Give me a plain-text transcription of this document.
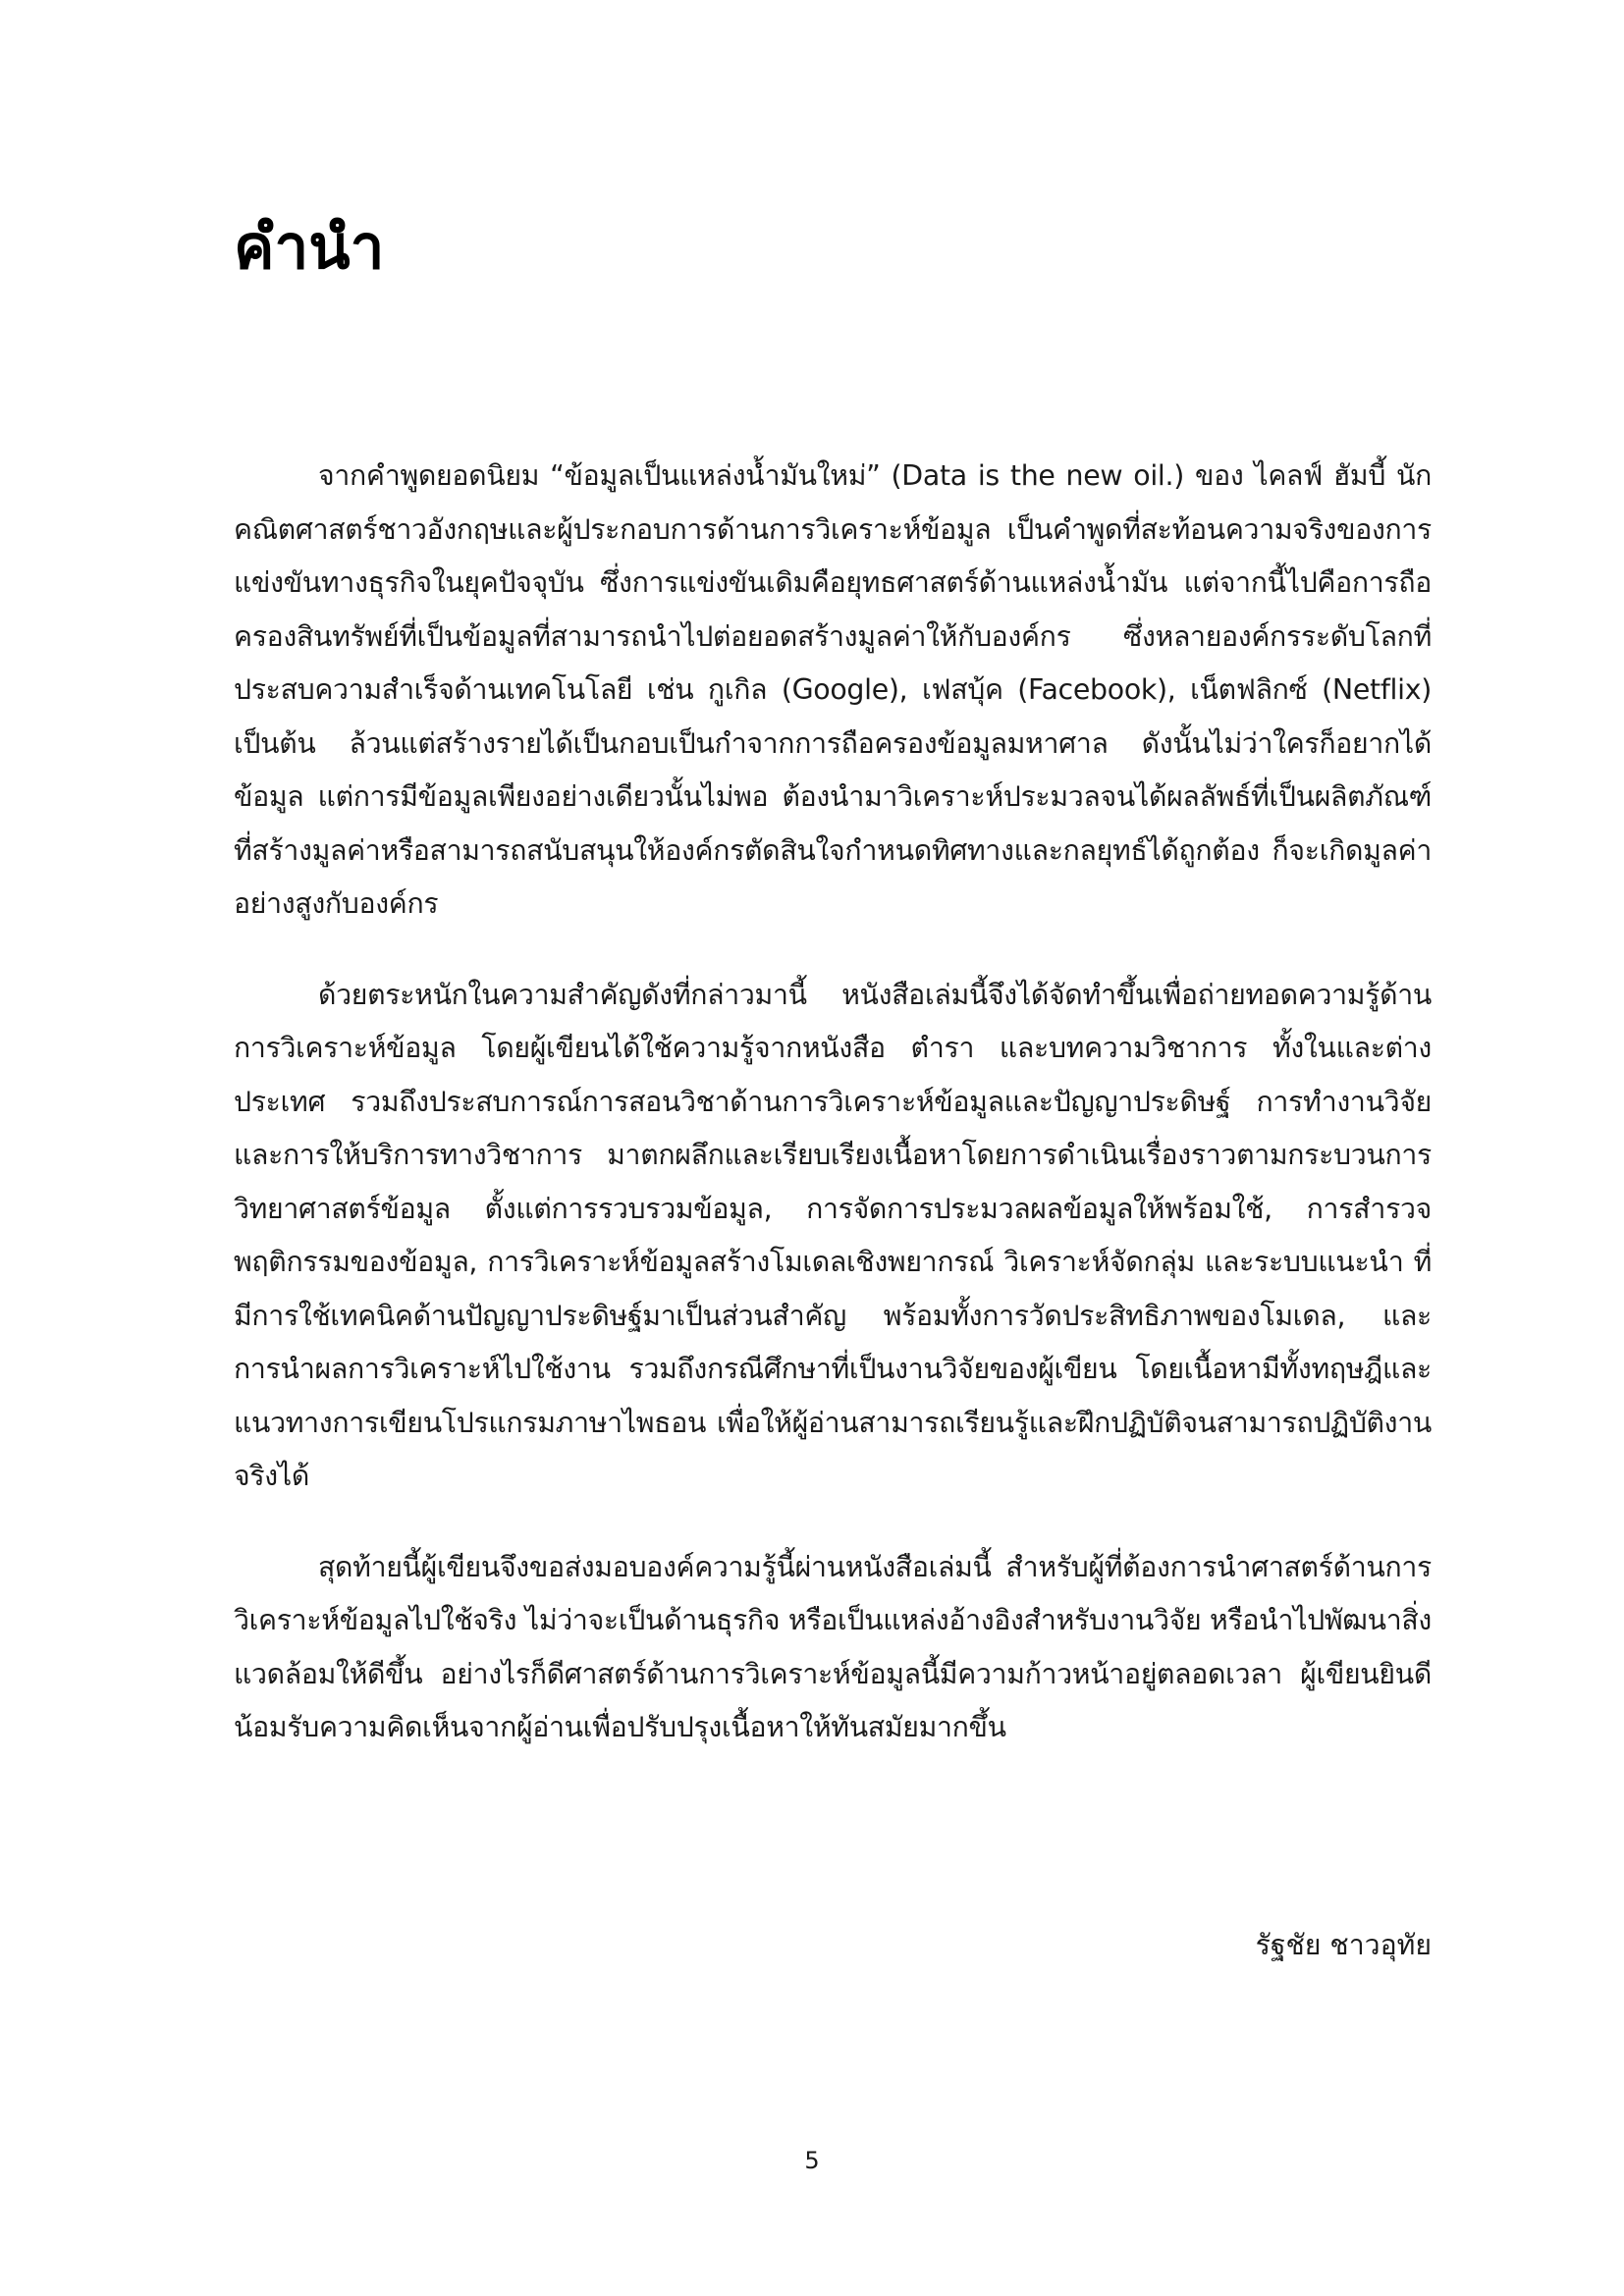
คำนำ

จากคำพูดยอดนิยม “ข้อมูลเป็นแหล่งน้ำมันใหม่” (Data is the new oil.) ของ ไคลฟ์ ฮัมบี้ นักคณิตศาสตร์ชาวอังกฤษและผู้ประกอบการด้านการวิเคราะห์ข้อมูล เป็นคำพูดที่สะท้อนความจริงของการแข่งขันทางธุรกิจในยุคปัจจุบัน ซึ่งการแข่งขันเดิมคือยุทธศาสตร์ด้านแหล่งน้ำมัน แต่จากนี้ไปคือการถือครองสินทรัพย์ที่เป็นข้อมูลที่สามารถนำไปต่อยอดสร้างมูลค่าให้กับองค์กร ซึ่งหลายองค์กรระดับโลกที่ประสบความสำเร็จด้านเทคโนโลยี เช่น กูเกิล (Google), เฟสบุ้ค (Facebook), เน็ตฟลิกซ์ (Netflix) เป็นต้น ล้วนแต่สร้างรายได้เป็นกอบเป็นกำจากการถือครองข้อมูลมหาศาล ดังนั้นไม่ว่าใครก็อยากได้ข้อมูล แต่การมีข้อมูลเพียงอย่างเดียวนั้นไม่พอ ต้องนำมาวิเคราะห์ประมวลจนได้ผลลัพธ์ที่เป็นผลิตภัณฑ์ที่สร้างมูลค่าหรือสามารถสนับสนุนให้องค์กรตัดสินใจกำหนดทิศทางและกลยุทธ์ได้ถูกต้อง ก็จะเกิดมูลค่าอย่างสูงกับองค์กร

ด้วยตระหนักในความสำคัญดังที่กล่าวมานี้ หนังสือเล่มนี้จึงได้จัดทำขึ้นเพื่อถ่ายทอดความรู้ด้านการวิเคราะห์ข้อมูล โดยผู้เขียนได้ใช้ความรู้จากหนังสือ ตำรา และบทความวิชาการ ทั้งในและต่างประเทศ รวมถึงประสบการณ์การสอนวิชาด้านการวิเคราะห์ข้อมูลและปัญญาประดิษฐ์ การทำงานวิจัย และการให้บริการทางวิชาการ มาตกผลึกและเรียบเรียงเนื้อหาโดยการดำเนินเรื่องราวตามกระบวนการวิทยาศาสตร์ข้อมูล ตั้งแต่การรวบรวมข้อมูล, การจัดการประมวลผลข้อมูลให้พร้อมใช้, การสำรวจพฤติกรรมของข้อมูล, การวิเคราะห์ข้อมูลสร้างโมเดลเชิงพยากรณ์ วิเคราะห์จัดกลุ่ม และระบบแนะนำ ที่มีการใช้เทคนิคด้านปัญญาประดิษฐ์มาเป็นส่วนสำคัญ พร้อมทั้งการวัดประสิทธิภาพของโมเดล, และการนำผลการวิเคราะห์ไปใช้งาน รวมถึงกรณีศึกษาที่เป็นงานวิจัยของผู้เขียน โดยเนื้อหามีทั้งทฤษฎีและแนวทางการเขียนโปรแกรมภาษาไพธอน เพื่อให้ผู้อ่านสามารถเรียนรู้และฝึกปฏิบัติจนสามารถปฏิบัติงานจริงได้

สุดท้ายนี้ผู้เขียนจึงขอส่งมอบองค์ความรู้นี้ผ่านหนังสือเล่มนี้ สำหรับผู้ที่ต้องการนำศาสตร์ด้านการวิเคราะห์ข้อมูลไปใช้จริง ไม่ว่าจะเป็นด้านธุรกิจ หรือเป็นแหล่งอ้างอิงสำหรับงานวิจัย หรือนำไปพัฒนาสิ่งแวดล้อมให้ดีขึ้น อย่างไรก็ดีศาสตร์ด้านการวิเคราะห์ข้อมูลนี้มีความก้าวหน้าอยู่ตลอดเวลา ผู้เขียนยินดีน้อมรับความคิดเห็นจากผู้อ่านเพื่อปรับปรุงเนื้อหาให้ทันสมัยมากขึ้น

รัฐชัย ชาวอุทัย

5
